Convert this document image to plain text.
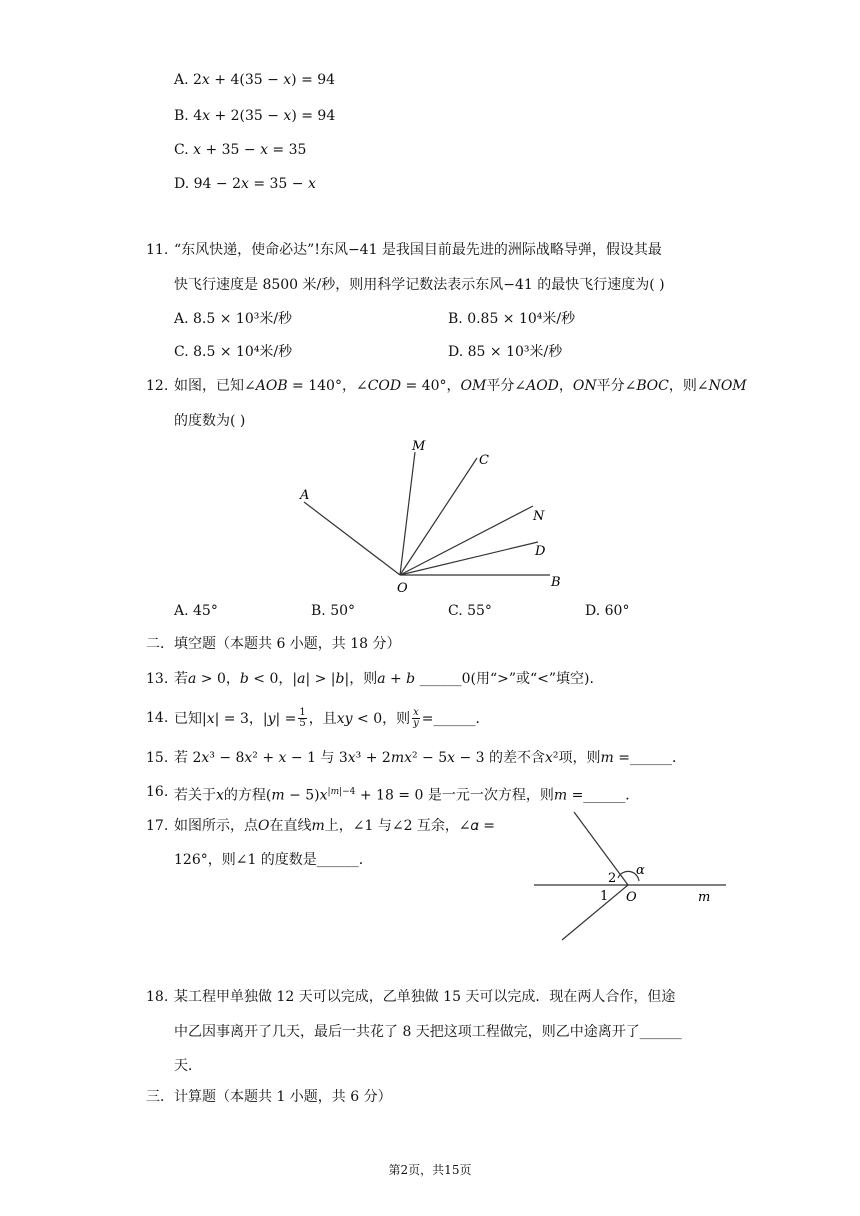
A. 2𝑥 + 4(35 − 𝑥) = 94
B. 4𝑥 + 2(35 − 𝑥) = 94
C. 𝑥 + 35 − 𝑥 = 35
D. 94 − 2𝑥 = 35 − 𝑥
11. “东风快递，使命必达”!东风−41 是我国目前最先进的洲际战略导弹，假设其最
快飞行速度是 8500 米/秒，则用科学记数法表示东风−41 的最快飞行速度为( )
A. 8.5 × 10³米/秒	B. 0.85 × 10⁴米/秒
C. 8.5 × 10⁴米/秒	D. 85 × 10³米/秒
12. 如图，已知∠𝐴𝑂𝐵 = 140°，∠𝐶𝑂𝐷 = 40°，𝑂𝑀平分∠𝐴𝑂𝐷，𝑂𝑁平分∠𝐵𝑂𝐶，则∠𝑁𝑂𝑀
的度数为( )
A
M
C
N
D
O	B
A. 45°	B. 50°	C. 55°	D. 60°
二．填空题（本题共 6 小题，共 18 分）
13. 若𝑎 > 0，𝑏 < 0，|𝑎| > |𝑏|，则𝑎 + 𝑏 ______0(用“>”或“<”填空)．
14. 已知|𝑥| = 3，|𝑦| = $\frac{1}{5}$ ，且𝑥𝑦 < 0，则 𝑥
𝑦 =______．
15. 若 2𝑥³ − 8𝑥² + 𝑥 − 1 与 3𝑥³ + 2𝑚𝑥² − 5𝑥 − 3 的差不含𝑥²项，则𝑚 =______．
16. 若关于𝑥的方程(𝑚 − 5)𝑥$^{|𝑚|-4}$ + 18 = 0 是一元一次方程，则𝑚 =______．
17. 如图所示，点𝑂在直线𝑚上，∠1 与∠2 互余，∠𝛼 =
126°，则∠1 的度数是______．
2
1
α
O	m
18. 某工程甲单独做 12 天可以完成，乙单独做 15 天可以完成．现在两人合作，但途
中乙因事离开了几天，最后一共花了 8 天把这项工程做完，则乙中途离开了______
天．
三．计算题（本题共 1 小题，共 6 分）
第2页，共15页
